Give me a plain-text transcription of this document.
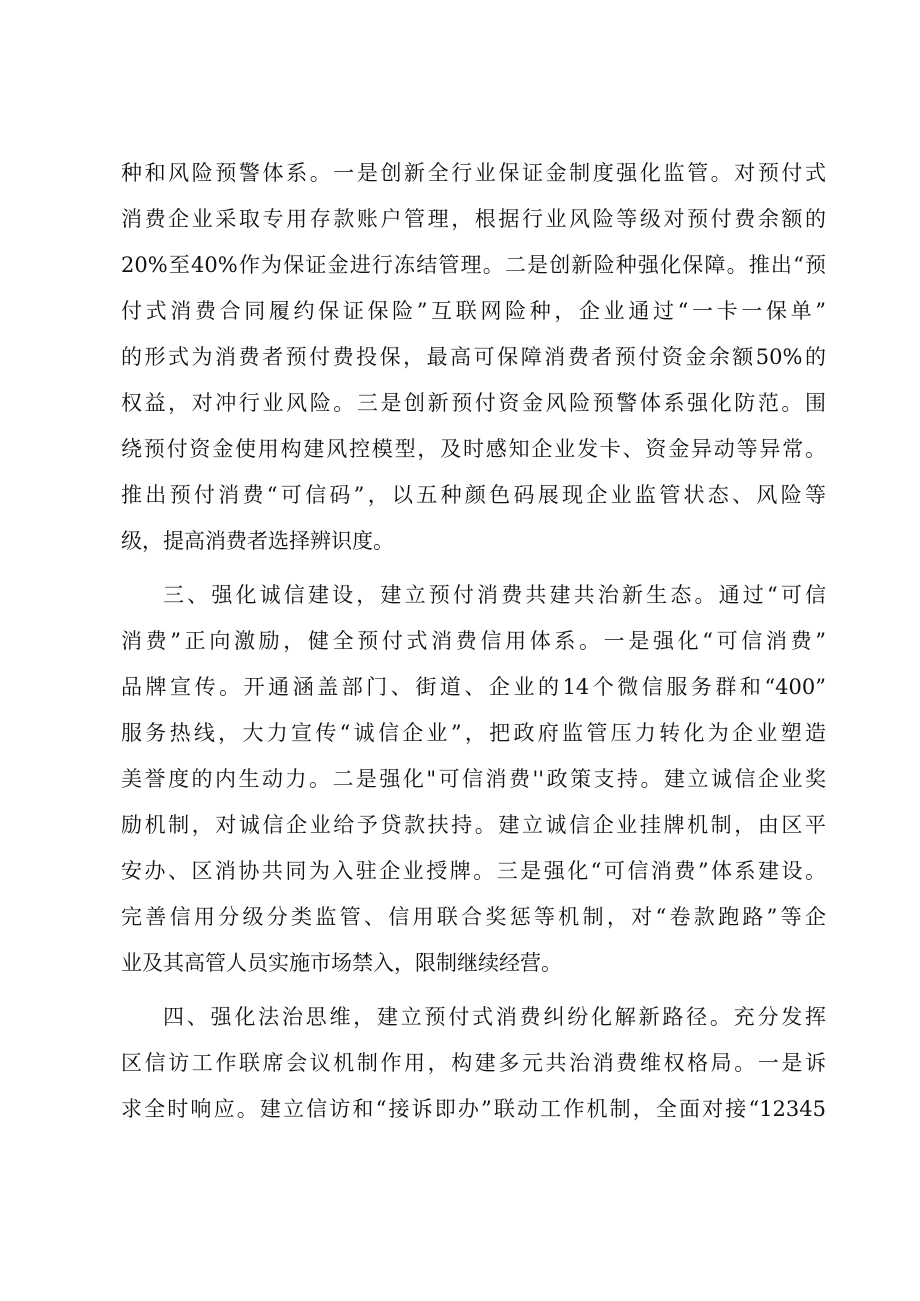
种和风险预警体系。一是创新全行业保证金制度强化监管。对预付式
消费企业采取专用存款账户管理，根据行业风险等级对预付费余额的
20%至40%作为保证金进行冻结管理。二是创新险种强化保障。推出“预
付式消费合同履约保证保险”互联网险种，企业通过“一卡一保单”
的形式为消费者预付费投保，最高可保障消费者预付资金余额50%的
权益，对冲行业风险。三是创新预付资金风险预警体系强化防范。围
绕预付资金使用构建风控模型，及时感知企业发卡、资金异动等异常。
推出预付消费“可信码”，以五种颜色码展现企业监管状态、风险等
级，提高消费者选择辨识度。
三、强化诚信建设，建立预付消费共建共治新生态。通过“可信
消费”正向激励，健全预付式消费信用体系。一是强化“可信消费”
品牌宣传。开通涵盖部门、街道、企业的14个微信服务群和“400”
服务热线，大力宣传“诚信企业”，把政府监管压力转化为企业塑造
美誉度的内生动力。二是强化"可信消费''政策支持。建立诚信企业奖
励机制，对诚信企业给予贷款扶持。建立诚信企业挂牌机制，由区平
安办、区消协共同为入驻企业授牌。三是强化“可信消费”体系建设。
完善信用分级分类监管、信用联合奖惩等机制，对“卷款跑路”等企
业及其高管人员实施市场禁入，限制继续经营。
四、强化法治思维，建立预付式消费纠纷化解新路径。充分发挥
区信访工作联席会议机制作用，构建多元共治消费维权格局。一是诉
求全时响应。建立信访和“接诉即办”联动工作机制，全面对接“12345
